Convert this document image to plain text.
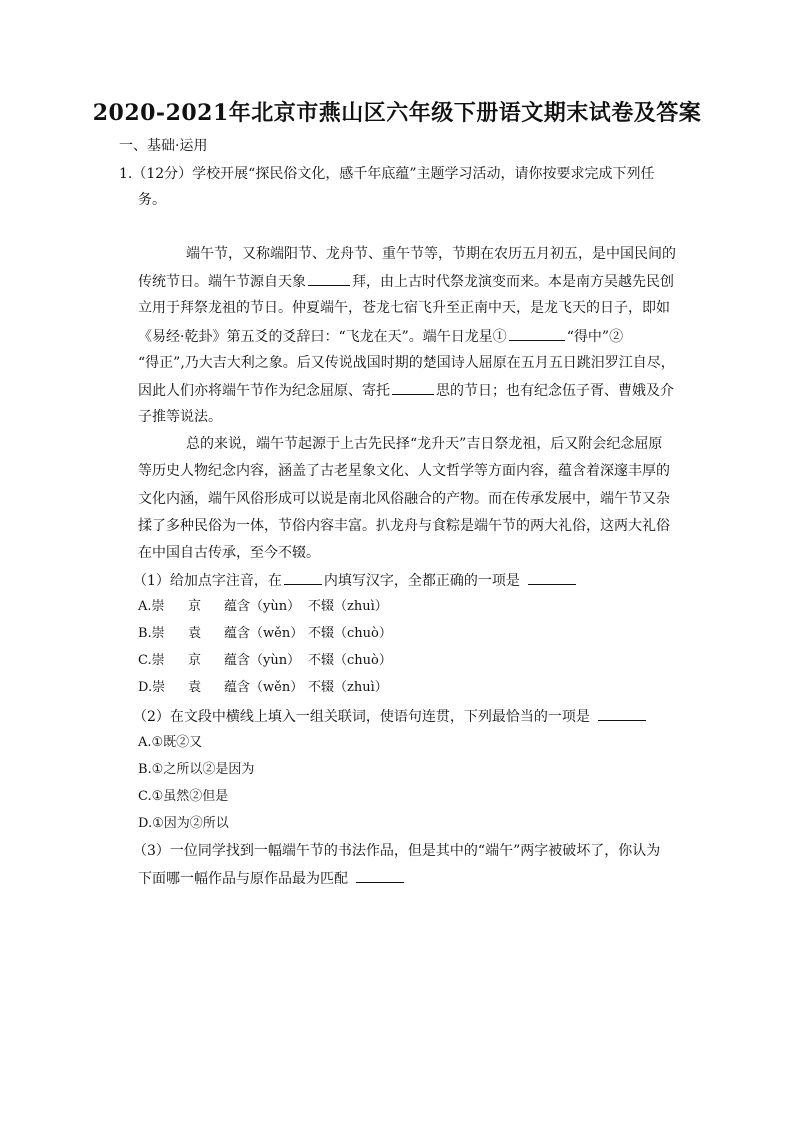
2020-2021年北京市燕山区六年级下册语文期末试卷及答案
一、基础·运用
1.（12分）学校开展“探民俗文化，感千年底蕴”主题学习活动，请你按要求完成下列任
务。
端午节，又称端阳节、龙舟节、重午节等，节期在农历五月初五，是中国民间的
传统节日。端午节源自天象	拜，由上古时代祭龙演变而来。本是南方吴越先民创
立用于拜祭龙祖的节日。仲夏端午，苍龙七宿飞升至正南中天，是龙飞天的日子，即如
《易经·乾卦》第五爻的爻辞曰：“飞龙在天”。端午日龙星①	“得中”②
“得正”,乃大吉大利之象。后又传说战国时期的楚国诗人屈原在五月五日跳汨罗江自尽，
因此人们亦将端午节作为纪念屈原、寄托	思的节日；也有纪念伍子胥、曹娥及介
子推等说法。
总的来说，端午节起源于上古先民择“龙升天”吉日祭龙祖，后又附会纪念屈原
等历史人物纪念内容，涵盖了古老星象文化、人文哲学等方面内容，蕴含着深邃丰厚的
文化内涵，端午风俗形成可以说是南北风俗融合的产物。而在传承发展中，端午节又杂
揉了多种民俗为一体，节俗内容丰富。扒龙舟与食粽是端午节的两大礼俗，这两大礼俗
在中国自古传承，至今不辍。
（1）给加点字注音，在	内填写汉字，全都正确的一项是
A.崇 京 蕴含（yùn） 不辍（zhuì）
B.崇 袁 蕴含（wěn） 不辍（chuò）
C.崇 京 蕴含（yùn） 不辍（chuò）
D.崇 袁 蕴含（wěn） 不辍（zhuì）
（2）在文段中横线上填入一组关联词，使语句连贯，下列最恰当的一项是
A.①既②又
B.①之所以②是因为
C.①虽然②但是
D.①因为②所以
（3）一位同学找到一幅端午节的书法作品，但是其中的“端午”两字被破坏了，你认为
下面哪一幅作品与原作品最为匹配
